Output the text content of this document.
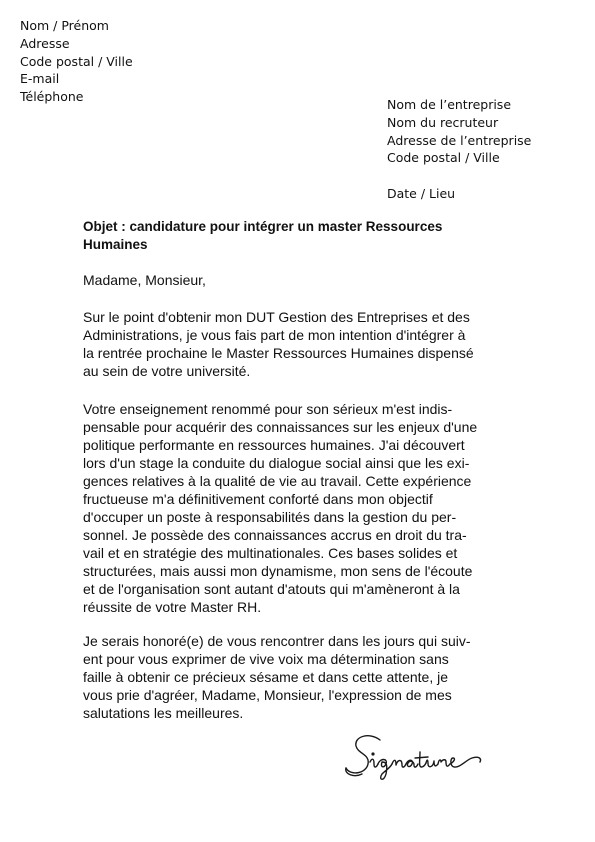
Nom / Prénom
Adresse
Code postal / Ville
E-mail
Téléphone
Nom de l’entreprise
Nom du recruteur
Adresse de l’entreprise
Code postal / Ville
Date / Lieu
Objet : candidature pour intégrer un master Ressources
Humaines
Madame, Monsieur,
Sur le point d'obtenir mon DUT Gestion des Entreprises et des
Administrations, je vous fais part de mon intention d'intégrer à
la rentrée prochaine le Master Ressources Humaines dispensé
au sein de votre université.
Votre enseignement renommé pour son sérieux m'est indis-
pensable pour acquérir des connaissances sur les enjeux d'une
politique performante en ressources humaines. J'ai découvert
lors d'un stage la conduite du dialogue social ainsi que les exi-
gences relatives à la qualité de vie au travail. Cette expérience
fructueuse m'a définitivement conforté dans mon objectif
d'occuper un poste à responsabilités dans la gestion du per-
sonnel. Je possède des connaissances accrus en droit du tra-
vail et en stratégie des multinationales. Ces bases solides et
structurées, mais aussi mon dynamisme, mon sens de l'écoute
et de l'organisation sont autant d'atouts qui m'amèneront à la
réussite de votre Master RH.
Je serais honoré(e) de vous rencontrer dans les jours qui suiv-
ent pour vous exprimer de vive voix ma détermination sans
faille à obtenir ce précieux sésame et dans cette attente, je
vous prie d'agréer, Madame, Monsieur, l'expression de mes
salutations les meilleures.
